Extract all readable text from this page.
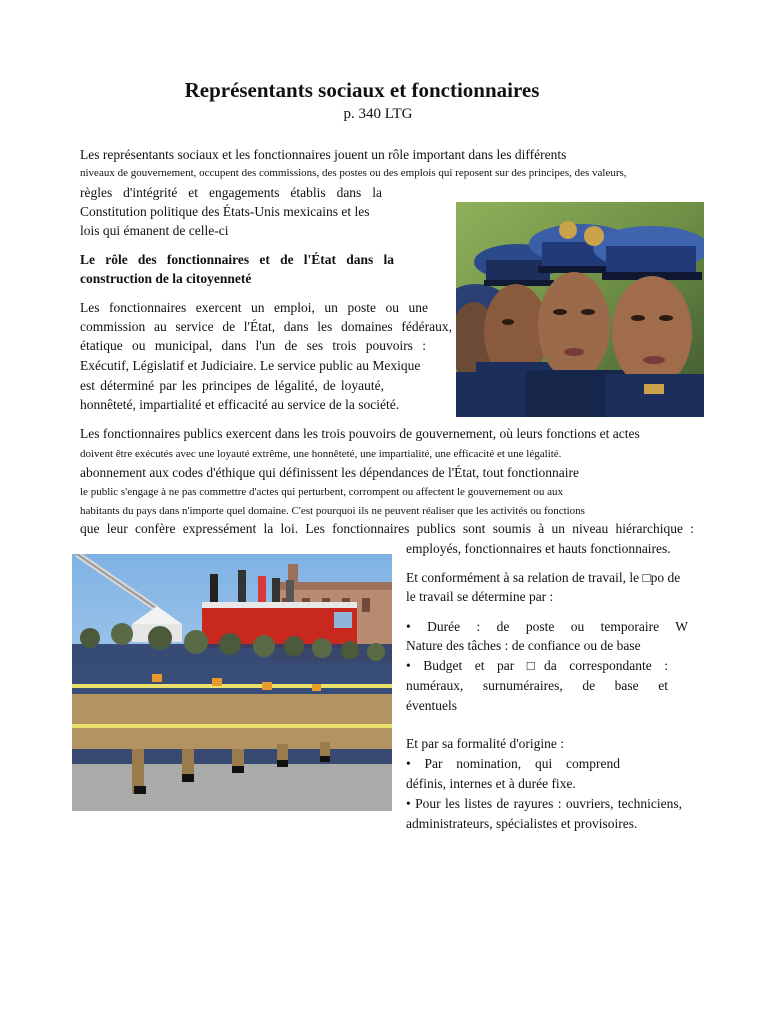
Représentants sociaux et fonctionnaires
p. 340 LTG
Les représentants sociaux et les fonctionnaires jouent un rôle important dans les différents
niveaux de gouvernement, occupent des commissions, des postes ou des emplois qui reposent sur des principes, des valeurs,
règles d'intégrité et engagements établis dans la
Constitution politique des États-Unis mexicains et les
lois qui émanent de celle-ci
Le rôle des fonctionnaires et de l'État dans la
construction de la citoyenneté
Les fonctionnaires exercent un emploi, un poste ou une
commission au service de l'État, dans les domaines fédéraux,
étatique ou municipal, dans l'un de ses trois pouvoirs :
Exécutif, Législatif et Judiciaire. Le service public au Mexique
est déterminé par les principes de légalité, de loyauté,
honnêteté, impartialité et efficacité au service de la société.
Les fonctionnaires publics exercent dans les trois pouvoirs de gouvernement, où leurs fonctions et actes
doivent être exécutés avec une loyauté extrême, une honnêteté, une impartialité, une efficacité et une légalité.
abonnement aux codes d'éthique qui définissent les dépendances de l'État, tout fonctionnaire
le public s'engage à ne pas commettre d'actes qui perturbent, corrompent ou affectent le gouvernement ou aux
habitants du pays dans n'importe quel domaine. C'est pourquoi ils ne peuvent réaliser que les activités ou fonctions
que leur confère expressément la loi. Les fonctionnaires publics sont soumis à un niveau hiérarchique :
employés, fonctionnaires et hauts fonctionnaires.
Et conformément à sa relation de travail, le □po de
le travail se détermine par :
• Durée : de poste ou temporaire W
Nature des tâches : de confiance ou de base
• Budget et par □da correspondante :
numéraux, surnuméraires, de base et
éventuels
Et par sa formalité d'origine :
• Par nomination, qui comprend
définis, internes et à durée fixe.
• Pour les listes de rayures : ouvriers, techniciens,
administrateurs, spécialistes et provisoires.
